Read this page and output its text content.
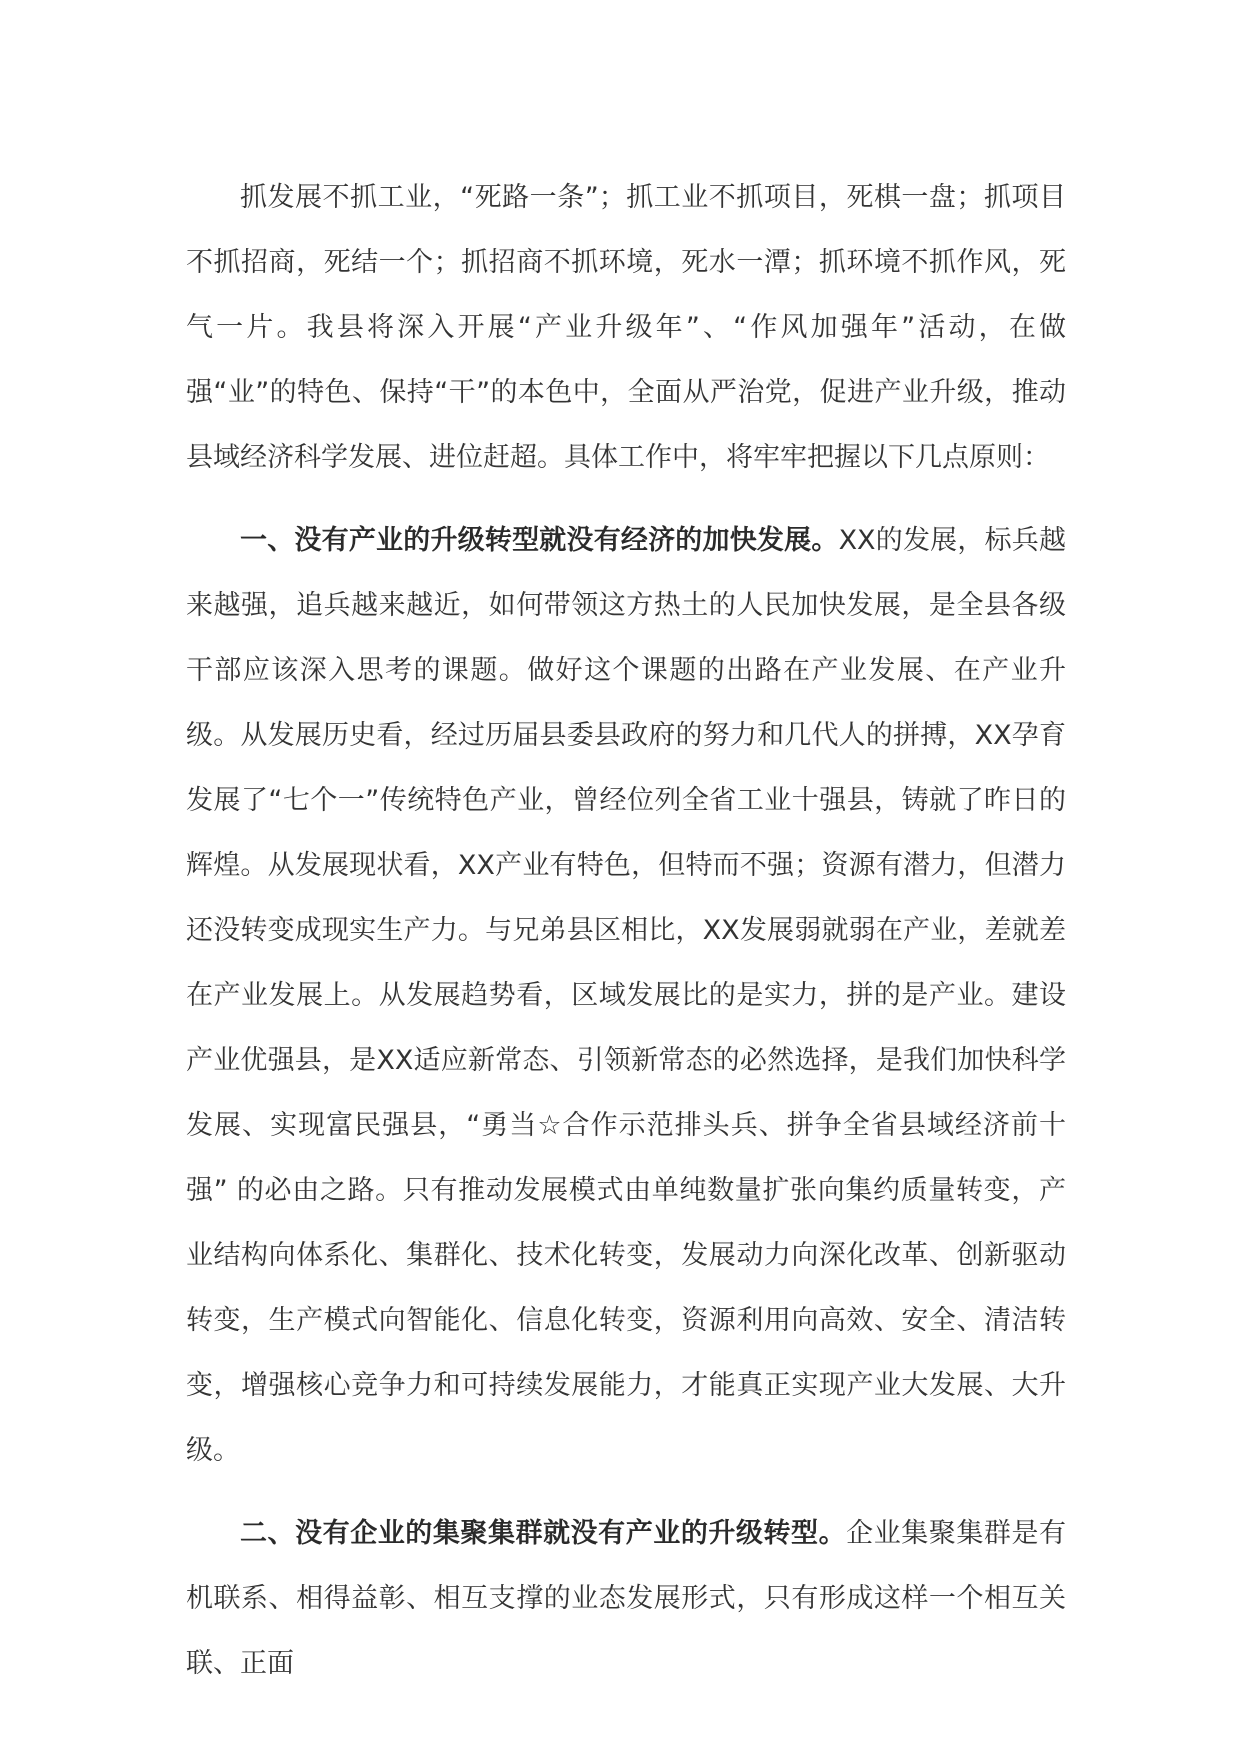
抓发展不抓工业，“死路一条”；抓工业不抓项目，死棋一盘；抓项目不抓招商，死结一个；抓招商不抓环境，死水一潭；抓环境不抓作风，死气一片。我县将深入开展“产业升级年”、“作风加强年”活动，在做强“业”的特色、保持“干”的本色中，全面从严治党，促进产业升级，推动县域经济科学发展、进位赶超。具体工作中，将牢牢把握以下几点原则：

一、没有产业的升级转型就没有经济的加快发展。XX的发展，标兵越来越强，追兵越来越近，如何带领这方热土的人民加快发展，是全县各级干部应该深入思考的课题。做好这个课题的出路在产业发展、在产业升级。从发展历史看，经过历届县委县政府的努力和几代人的拼搏，XX孕育发展了“七个一”传统特色产业，曾经位列全省工业十强县，铸就了昨日的辉煌。从发展现状看，XX产业有特色，但特而不强；资源有潜力，但潜力还没转变成现实生产力。与兄弟县区相比，XX发展弱就弱在产业，差就差在产业发展上。从发展趋势看，区域发展比的是实力，拼的是产业。建设产业优强县，是XX适应新常态、引领新常态的必然选择，是我们加快科学发展、实现富民强县，“勇当☆合作示范排头兵、拼争全省县域经济前十强” 的必由之路。只有推动发展模式由单纯数量扩张向集约质量转变，产业结构向体系化、集群化、技术化转变，发展动力向深化改革、创新驱动转变，生产模式向智能化、信息化转变，资源利用向高效、安全、清洁转变，增强核心竞争力和可持续发展能力，才能真正实现产业大发展、大升级。

二、没有企业的集聚集群就没有产业的升级转型。企业集聚集群是有机联系、相得益彰、相互支撑的业态发展形式，只有形成这样一个相互关联、正面
